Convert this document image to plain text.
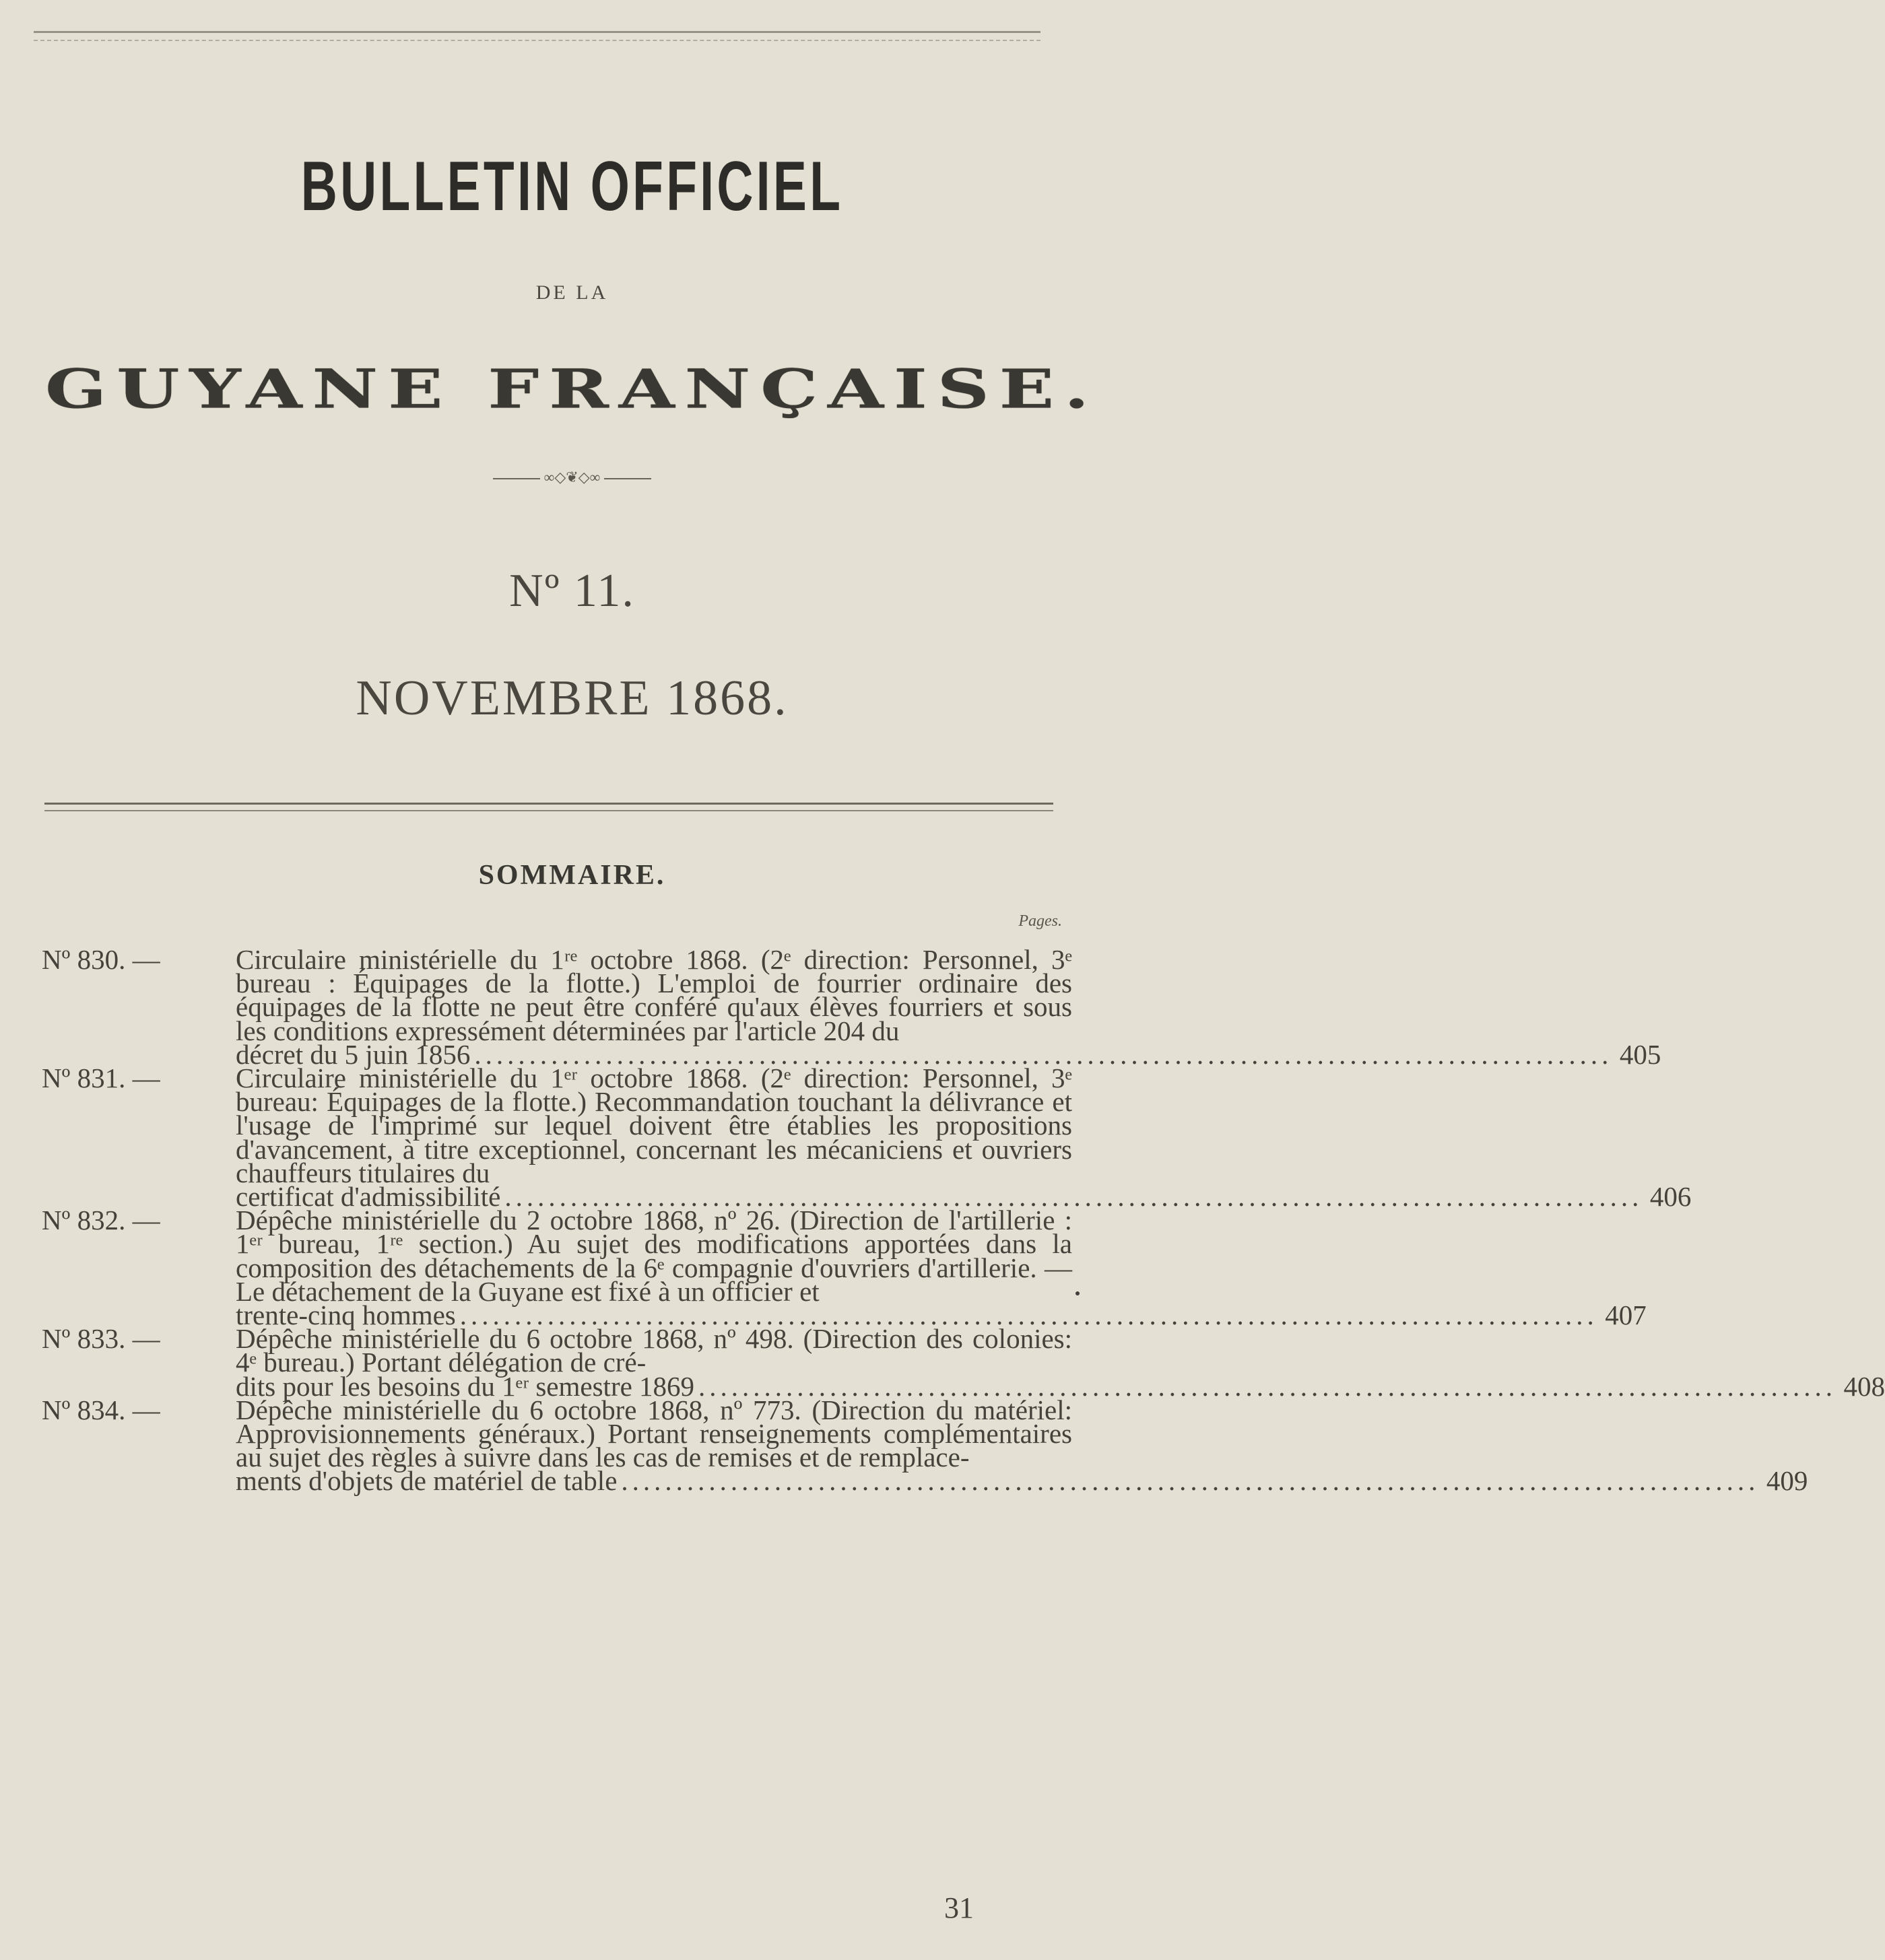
BULLETIN OFFICIEL
DE LA
GUYANE FRANÇAISE.
∞◇❦◇∞
Nº 11.
NOVEMBRE 1868.
SOMMAIRE.
Pages.
Nº 830. —	Circulaire ministérielle du 1ʳᵉ octobre 1868. (2ᵉ direction: Personnel, 3ᵉ bureau : Équipages de la flotte.) L'emploi de fourrier ordinaire des équipages de la flotte ne peut être conféré qu'aux élèves fourriers et sous les conditions expressément déterminées par l'article 204 du
décret du 5 juin 1856 ........................................................................................................ 405
Nº 831. —	Circulaire ministérielle du 1ᵉʳ octobre 1868. (2ᵉ direction: Personnel, 3ᵉ bureau: Équipages de la flotte.) Recommandation touchant la délivrance et l'usage de l'imprimé sur lequel doivent être établies les propositions d'avancement, à titre exceptionnel, concernant les mécaniciens et ouvriers chauffeurs titulaires du
certificat d'admissibilité ........................................................................................................ 406
Nº 832. —	Dépêche ministérielle du 2 octobre 1868, nº 26. (Direction de l'artillerie : 1ᵉʳ bureau, 1ʳᵉ section.) Au sujet des modifications apportées dans la composition des détachements de la 6ᵉ compagnie d'ouvriers d'artillerie. — Le détachement de la Guyane est fixé à un officier et
trente-cinq hommes ........................................................................................................ 407
Nº 833. —	Dépêche ministérielle du 6 octobre 1868, nº 498. (Direction des colonies: 4ᵉ bureau.) Portant délégation de cré-
dits pour les besoins du 1ᵉʳ semestre 1869 ........................................................................................................ 408
Nº 834. —	Dépêche ministérielle du 6 octobre 1868, nº 773. (Direction du matériel: Approvisionnements généraux.) Portant renseignements complémentaires au sujet des règles à suivre dans les cas de remises et de remplace-
ments d'objets de matériel de table ........................................................................................................ 409
31
